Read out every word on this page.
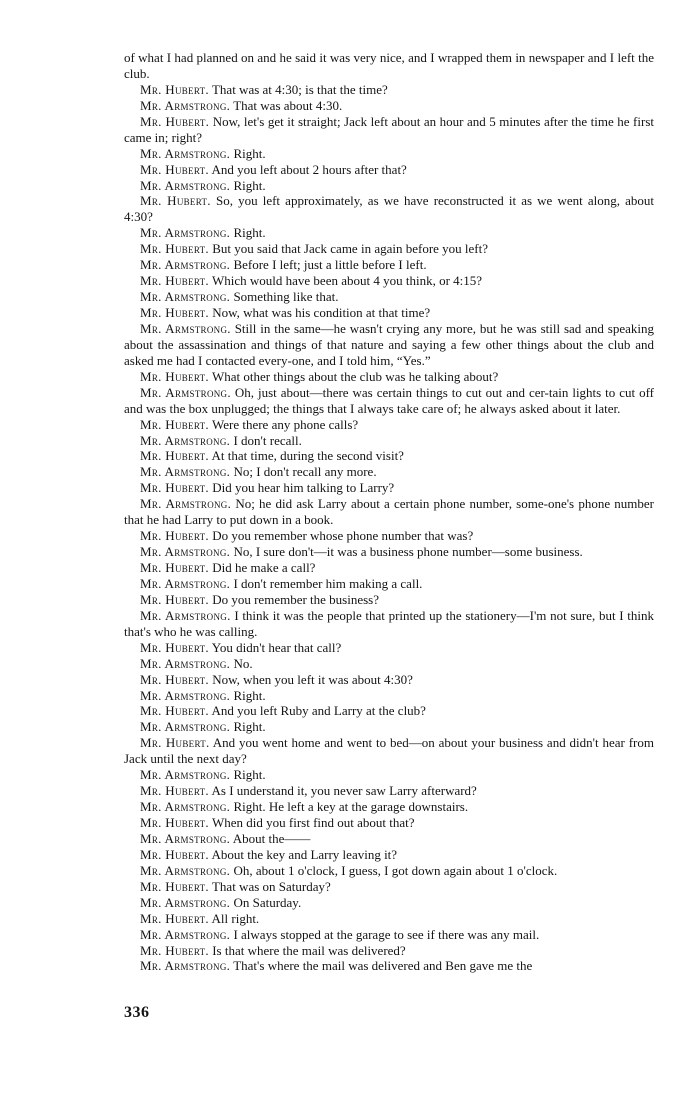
of what I had planned on and he said it was very nice, and I wrapped them in newspaper and I left the club.

Mr. Hubert. That was at 4:30; is that the time?

Mr. Armstrong. That was about 4:30.

Mr. Hubert. Now, let's get it straight; Jack left about an hour and 5 minutes after the time he first came in; right?

Mr. Armstrong. Right.

Mr. Hubert. And you left about 2 hours after that?

Mr. Armstrong. Right.

Mr. Hubert. So, you left approximately, as we have reconstructed it as we went along, about 4:30?

Mr. Armstrong. Right.

Mr. Hubert. But you said that Jack came in again before you left?

Mr. Armstrong. Before I left; just a little before I left.

Mr. Hubert. Which would have been about 4 you think, or 4:15?

Mr. Armstrong. Something like that.

Mr. Hubert. Now, what was his condition at that time?

Mr. Armstrong. Still in the same—he wasn't crying any more, but he was still sad and speaking about the assassination and things of that nature and saying a few other things about the club and asked me had I contacted every-one, and I told him, “Yes.”

Mr. Hubert. What other things about the club was he talking about?

Mr. Armstrong. Oh, just about—there was certain things to cut out and cer-tain lights to cut off and was the box unplugged; the things that I always take care of; he always asked about it later.

Mr. Hubert. Were there any phone calls?

Mr. Armstrong. I don't recall.

Mr. Hubert. At that time, during the second visit?

Mr. Armstrong. No; I don't recall any more.

Mr. Hubert. Did you hear him talking to Larry?

Mr. Armstrong. No; he did ask Larry about a certain phone number, some-one's phone number that he had Larry to put down in a book.

Mr. Hubert. Do you remember whose phone number that was?

Mr. Armstrong. No, I sure don't—it was a business phone number—some business.

Mr. Hubert. Did he make a call?

Mr. Armstrong. I don't remember him making a call.

Mr. Hubert. Do you remember the business?

Mr. Armstrong. I think it was the people that printed up the stationery—I'm not sure, but I think that's who he was calling.

Mr. Hubert. You didn't hear that call?

Mr. Armstrong. No.

Mr. Hubert. Now, when you left it was about 4:30?

Mr. Armstrong. Right.

Mr. Hubert. And you left Ruby and Larry at the club?

Mr. Armstrong. Right.

Mr. Hubert. And you went home and went to bed—on about your business and didn't hear from Jack until the next day?

Mr. Armstrong. Right.

Mr. Hubert. As I understand it, you never saw Larry afterward?

Mr. Armstrong. Right. He left a key at the garage downstairs.

Mr. Hubert. When did you first find out about that?

Mr. Armstrong. About the——

Mr. Hubert. About the key and Larry leaving it?

Mr. Armstrong. Oh, about 1 o'clock, I guess, I got down again about 1 o'clock.

Mr. Hubert. That was on Saturday?

Mr. Armstrong. On Saturday.

Mr. Hubert. All right.

Mr. Armstrong. I always stopped at the garage to see if there was any mail.

Mr. Hubert. Is that where the mail was delivered?

Mr. Armstrong. That's where the mail was delivered and Ben gave me the

336
